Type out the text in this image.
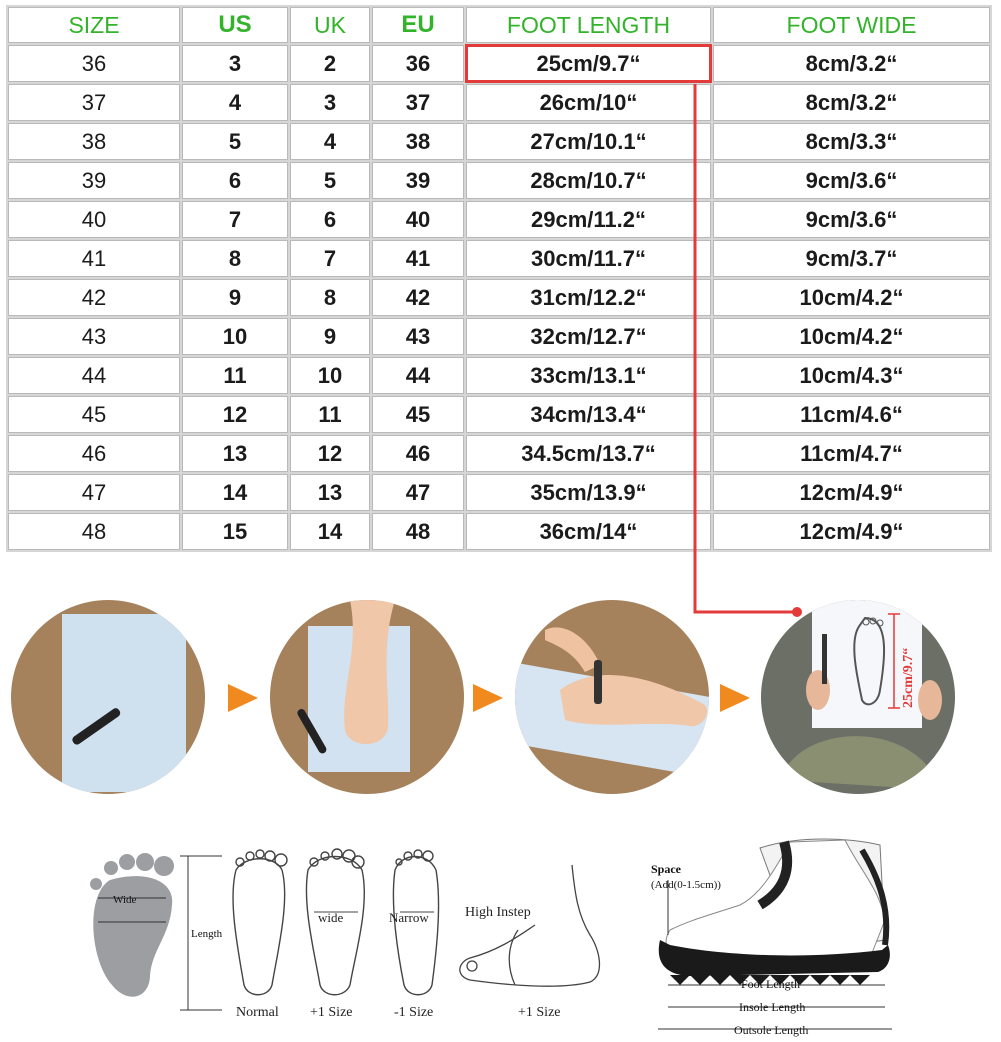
SIZE	US	UK	EU	FOOT LENGTH	FOOT WIDE
36	3	2	36	25cm/9.7“	8cm/3.2“
37	4	3	37	26cm/10“	8cm/3.2“
38	5	4	38	27cm/10.1“	8cm/3.3“
39	6	5	39	28cm/10.7“	9cm/3.6“
40	7	6	40	29cm/11.2“	9cm/3.6“
41	8	7	41	30cm/11.7“	9cm/3.7“
42	9	8	42	31cm/12.2“	10cm/4.2“
43	10	9	43	32cm/12.7“	10cm/4.2“
44	11	10	44	33cm/13.1“	10cm/4.3“
45	12	11	45	34cm/13.4“	11cm/4.6“
46	13	12	46	34.5cm/13.7“	11cm/4.7“
47	14	13	47	35cm/13.9“	12cm/4.9“
48	15	14	48	36cm/14“	12cm/4.9“
25cm/9.7“
Wide
Length
wide	Narrow
Normal +1 Size	-1 Size
High Instep
+1 Size
Space
(Add(0-1.5cm))
Foot Length
Insole Length
Outsole Length
